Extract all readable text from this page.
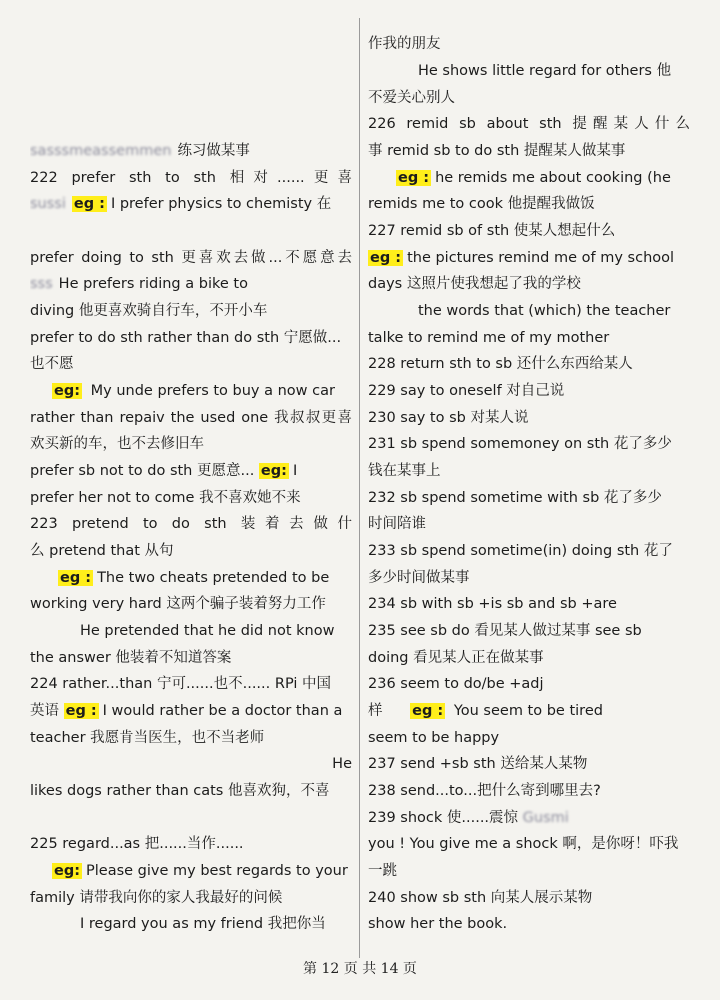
sasssmeassemmen 练习做某事
222 prefer sth to sth 相对......更喜
sussi eg : I prefer physics to chemisty 在
prefer doing to sth 更喜欢去做...不愿意去
sss He prefers riding a bike to
diving 他更喜欢骑自行车，不开小车
prefer to do sth rather than do sth 宁愿做...
也不愿
eg: My unde prefers to buy a now car
rather than repaiv the used one 我叔叔更喜
欢买新的车，也不去修旧车
prefer sb not to do sth 更愿意... eg: I
prefer her not to come 我不喜欢她不来
223 pretend to do sth 装着去做什
么 pretend that 从句
eg : The two cheats pretended to be
working very hard 这两个骗子装着努力工作
He pretended that he did not know
the answer 他装着不知道答案
224 rather...than 宁可......也不...... RPi 中国
英语 eg : I would rather be a doctor than a
teacher 我愿肯当医生，也不当老师
He
likes dogs rather than cats 他喜欢狗，不喜
225 regard...as 把......当作......
eg: Please give my best regards to your
family 请带我向你的家人我最好的问候
I regard you as my friend 我把你当
作我的朋友
He shows little regard for others 他
不爱关心别人
226 remid sb about sth 提醒某人什么
事 remid sb to do sth 提醒某人做某事
eg : he remids me about cooking (he
remids me to cook 他提醒我做饭
227 remid sb of sth 使某人想起什么
eg : the pictures remind me of my school
days 这照片使我想起了我的学校
the words that (which) the teacher
talke to remind me of my mother
228 return sth to sb 还什么东西给某人
229 say to oneself 对自己说
230 say to sb 对某人说
231 sb spend somemoney on sth 花了多少
钱在某事上
232 sb spend sometime with sb 花了多少
时间陪谁
233 sb spend sometime(in) doing sth 花了
多少时间做某事
234 sb with sb +is sb and sb +are
235 see sb do 看见某人做过某事 see sb
doing 看见某人正在做某事
236 seem to do/be +adj
样 eg : You seem to be tired
seem to be happy
237 send +sb sth 送给某人某物
238 send...to...把什么寄到哪里去?
239 shock 使......震惊 Gusmi
you ! You give me a shock 啊，是你呀！吓我
一跳
240 show sb sth 向某人展示某物
show her the book.
第 12 页 共 14 页
